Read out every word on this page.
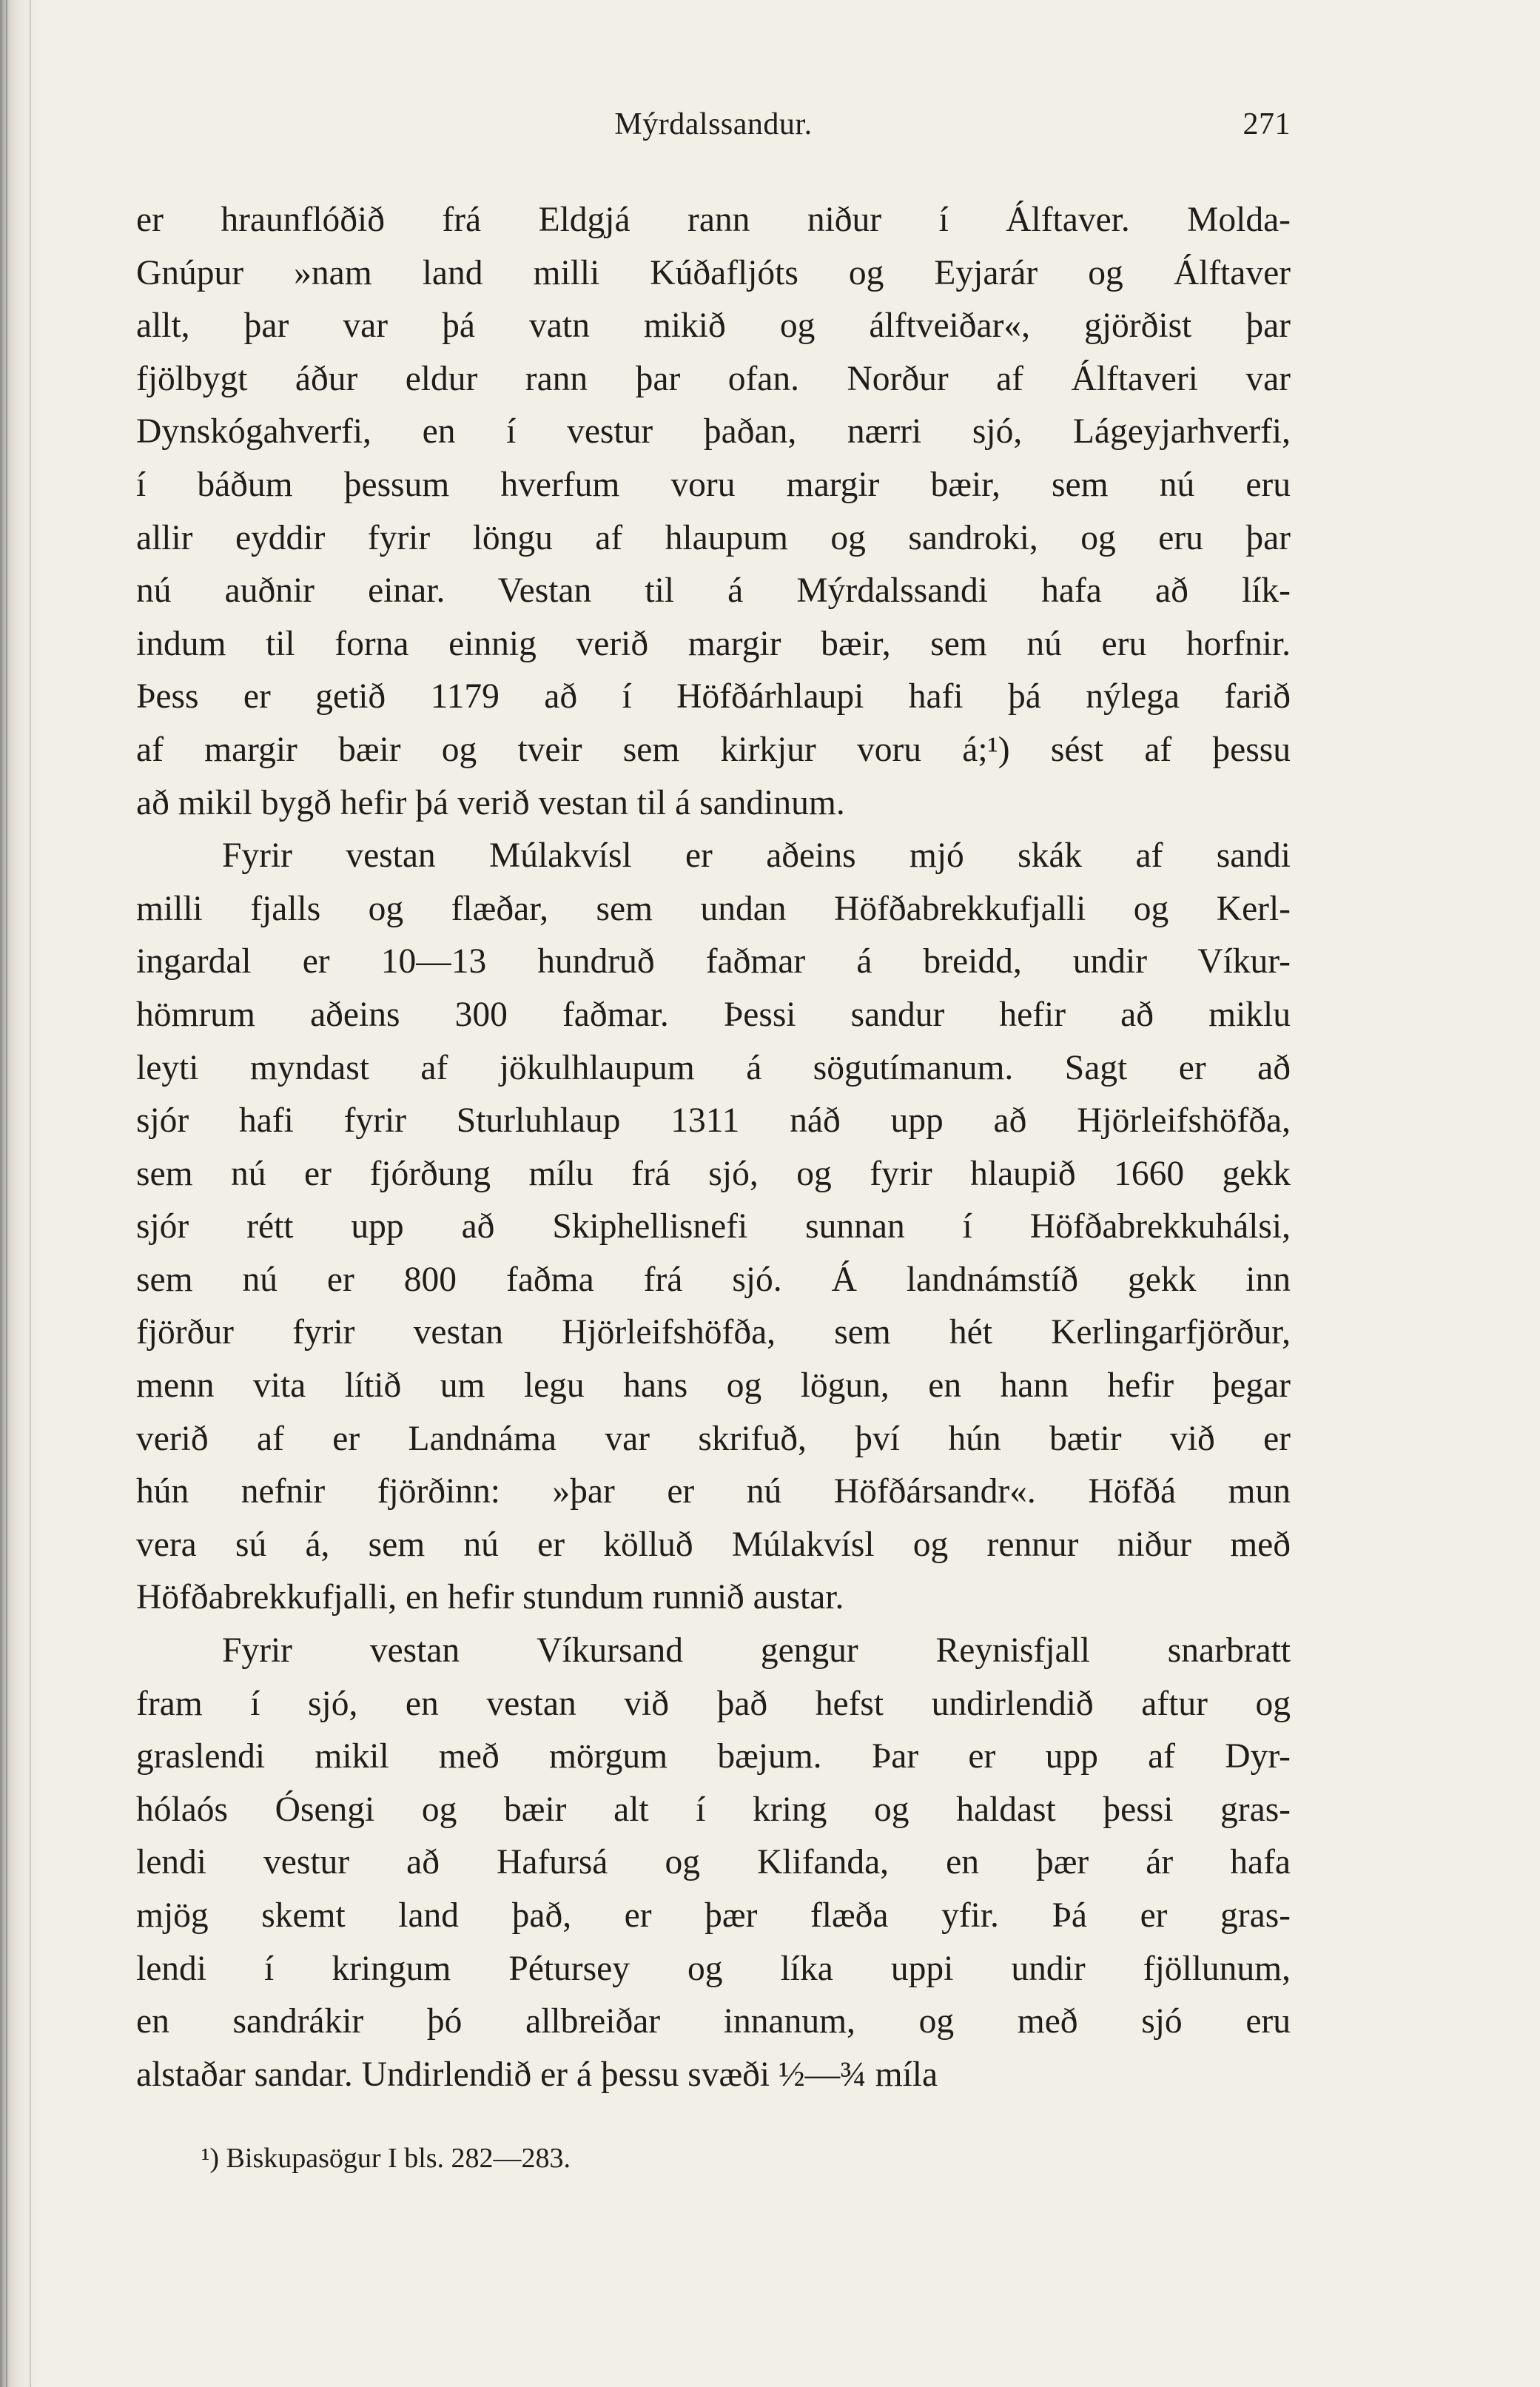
Mýrdalssandur.	271
er hraunflóðið frá Eldgjá rann niður í Álftaver. Molda-
Gnúpur »nam land milli Kúðafljóts og Eyjarár og Álftaver
allt, þar var þá vatn mikið og álftveiðar«, gjörðist þar
fjölbygt áður eldur rann þar ofan. Norður af Álftaveri var
Dynskógahverfi, en í vestur þaðan, nærri sjó, Lágeyjarhverfi,
í báðum þessum hverfum voru margir bæir, sem nú eru
allir eyddir fyrir löngu af hlaupum og sandroki, og eru þar
nú auðnir einar. Vestan til á Mýrdalssandi hafa að lík-
indum til forna einnig verið margir bæir, sem nú eru horfnir.
Þess er getið 1179 að í Höfðárhlaupi hafi þá nýlega farið
af margir bæir og tveir sem kirkjur voru á;¹) sést af þessu
að mikil bygð hefir þá verið vestan til á sandinum.
Fyrir vestan Múlakvísl er aðeins mjó skák af sandi
milli fjalls og flæðar, sem undan Höfðabrekkufjalli og Kerl-
ingardal er 10—13 hundruð faðmar á breidd, undir Víkur-
hömrum aðeins 300 faðmar. Þessi sandur hefir að miklu
leyti myndast af jökulhlaupum á sögutímanum. Sagt er að
sjór hafi fyrir Sturluhlaup 1311 náð upp að Hjörleifshöfða,
sem nú er fjórðung mílu frá sjó, og fyrir hlaupið 1660 gekk
sjór rétt upp að Skiphellisnefi sunnan í Höfðabrekkuhálsi,
sem nú er 800 faðma frá sjó. Á landnámstíð gekk inn
fjörður fyrir vestan Hjörleifshöfða, sem hét Kerlingarfjörður,
menn vita lítið um legu hans og lögun, en hann hefir þegar
verið af er Landnáma var skrifuð, því hún bætir við er
hún nefnir fjörðinn: »þar er nú Höfðársandr«. Höfðá mun
vera sú á, sem nú er kölluð Múlakvísl og rennur niður með
Höfðabrekkufjalli, en hefir stundum runnið austar.
Fyrir vestan Víkursand gengur Reynisfjall snarbratt
fram í sjó, en vestan við það hefst undirlendið aftur og
graslendi mikil með mörgum bæjum. Þar er upp af Dyr-
hólaós Ósengi og bæir alt í kring og haldast þessi gras-
lendi vestur að Hafursá og Klifanda, en þær ár hafa
mjög skemt land það, er þær flæða yfir. Þá er gras-
lendi í kringum Pétursey og líka uppi undir fjöllunum,
en sandrákir þó allbreiðar innanum, og með sjó eru
alstaðar sandar. Undirlendið er á þessu svæði ½—¾ míla
¹) Biskupasögur I bls. 282—283.
